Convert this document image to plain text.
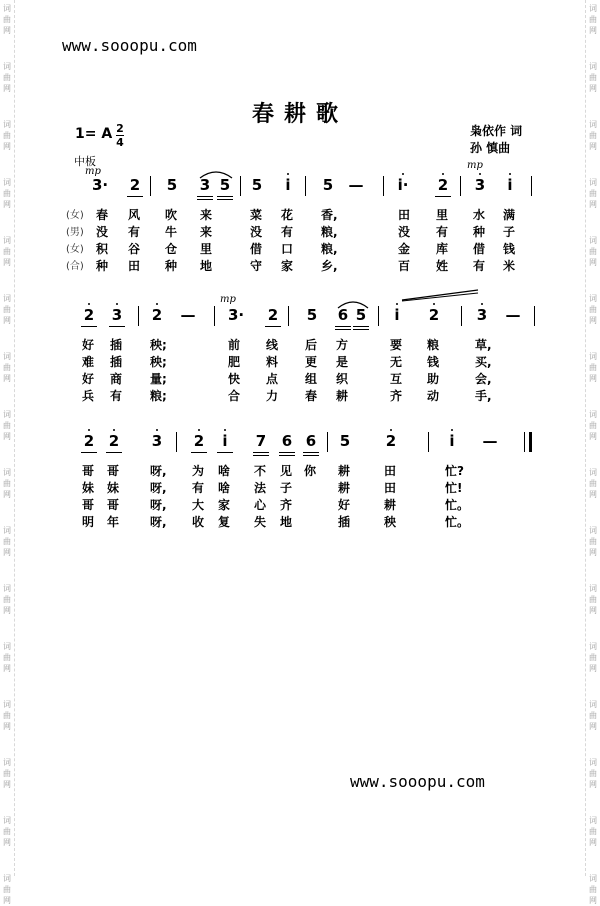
词
曲
网
词
曲
网
词
曲
网
词
曲
网
词
曲
网
词
曲
网
词
曲
网
词
曲
网
词
曲
网
词
曲
网
词
曲
网
词
曲
网
词
曲
网
词
曲
网
词
曲
网
词
曲
网
词
曲
网
词
曲
网
词
曲
网
词
曲
网
词
曲
网
词
曲
网
词
曲
网
词
曲
网
词
曲
网
词
曲
网
词
曲
网
词
曲
网
词
曲
网
词
曲
网
词
曲
网
词
曲
网
www.sooopu.com
春耕歌
1= A 2
4
枭依作 词
孙 慎曲
中板
mp
mp
mp
3· 2 5 3 5 5 i 5 — i· 2 3 i
(女)
(男)
(女)
(合)
春 风 吹 来	菜 花 香,	田 里 水 满
没 有 牛 来	没 有 粮,	没 有 种 子
积 谷 仓 里	借 口 粮,	金 库 借 钱
种 田 种 地	守 家 乡,	百 姓 有 米
2 3 2 — 3· 2 5 6 5 i 2	3 —
好 插 秧;	前 线 后 方	要 粮	草,
难 插 秧;	肥 料 更 是	无 钱	买,
好 商 量;	快 点 组 织	互 助	会,
兵 有 粮;	合 力 春 耕	齐 动	手,
2 2 3 2 i 7 6 6 5 2	i —
哥 哥	呀, 为 啥 不 见 你 耕	田	忙?
妹 妹	呀, 有 啥 法 子	耕	田	忙!
哥 哥	呀, 大 家 心 齐	好	耕	忙。
明 年	呀, 收 复 失 地	插	秧	忙。
www.sooopu.com
